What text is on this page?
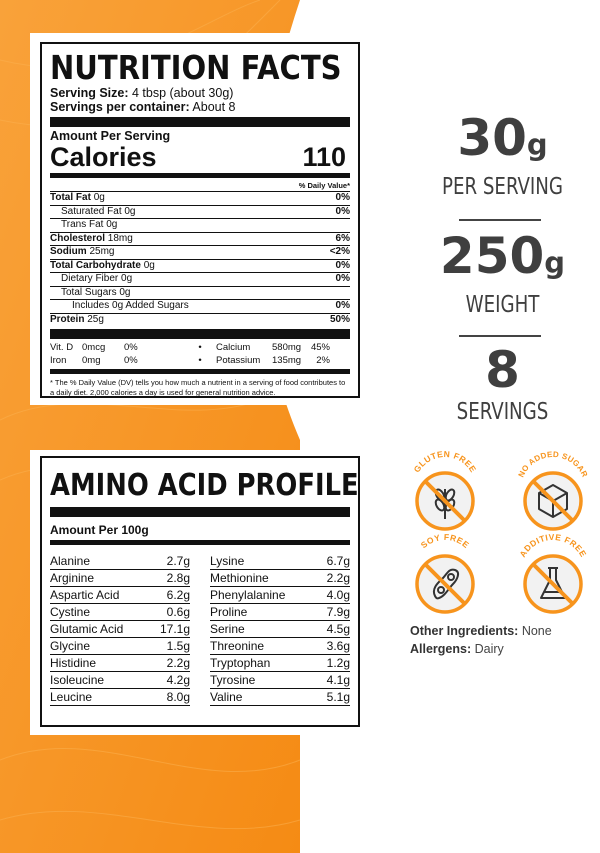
NUTRITION FACTS
Serving Size: 4 tbsp (about 30g)
Servings per container: About 8
Amount Per Serving
Calories	110
% Daily Value*
Total Fat 0g	0%
Saturated Fat 0g	0%
Trans Fat 0g
Cholesterol 18mg	6%
Sodium 25mg	<2%
Total Carbohydrate 0g	0%
Dietary Fiber 0g	0%
Total Sugars 0g
Includes 0g Added Sugars	0%
Protein 25g	50%
Vit. D 0mcg	0%	•	Calcium	580mg	45%
Iron	0mg	0%	•	Potassium	135mg	2%
* The % Daily Value (DV) tells you how much a nutrient in a serving of food contributes to a daily diet. 2,000 calories a day is used for general nutrition advice.
AMINO ACID PROFILE
Amount Per 100g
Alanine	2.7g
Arginine	2.8g
Aspartic Acid	6.2g
Cystine	0.6g
Glutamic Acid	17.1g
Glycine	1.5g
Histidine	2.2g
Isoleucine	4.2g
Leucine	8.0g
Lysine	6.7g
Methionine	2.2g
Phenylalanine	4.0g
Proline	7.9g
Serine	4.5g
Threonine	3.6g
Tryptophan	1.2g
Tyrosine	4.1g
Valine	5.1g
30g
PER SERVING
250g
WEIGHT
8
SERVINGS
GLUTEN FREE	NO ADDED SUGAR
SOY FREE
ADDITIVE FREE
Other Ingredients: None
Allergens: Dairy
